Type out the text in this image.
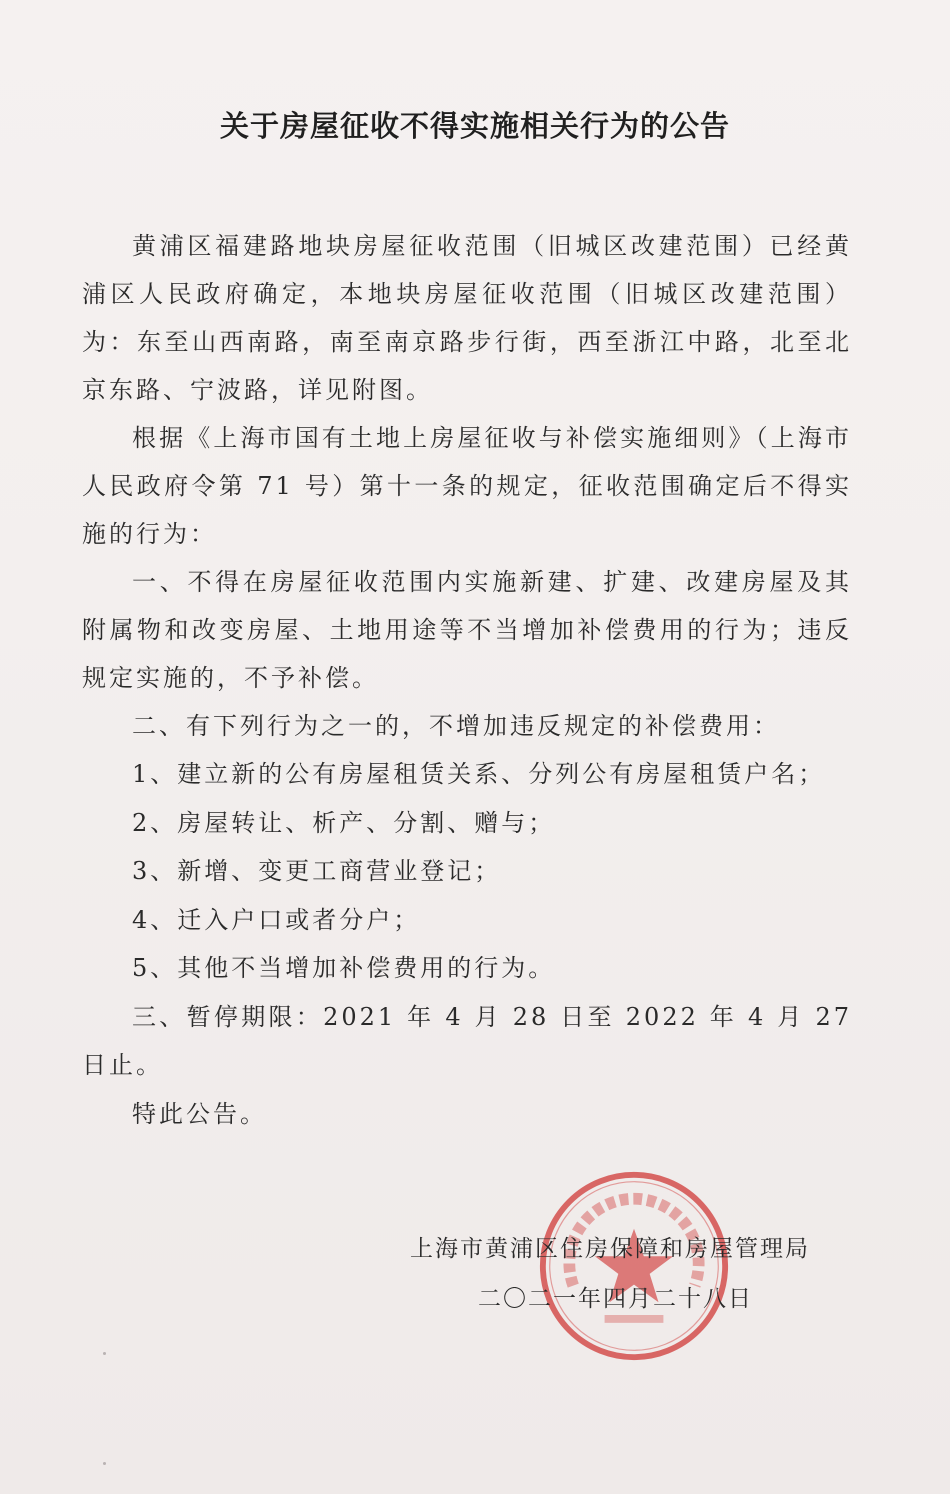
关于房屋征收不得实施相关行为的公告

黄浦区福建路地块房屋征收范围（旧城区改建范围）已经黄浦区人民政府确定，本地块房屋征收范围（旧城区改建范围）为：东至山西南路，南至南京路步行街，西至浙江中路，北至北京东路、宁波路，详见附图。

根据《上海市国有土地上房屋征收与补偿实施细则》（上海市人民政府令第 71 号）第十一条的规定，征收范围确定后不得实施的行为：

一、不得在房屋征收范围内实施新建、扩建、改建房屋及其附属物和改变房屋、土地用途等不当增加补偿费用的行为；违反规定实施的，不予补偿。

二、有下列行为之一的，不增加违反规定的补偿费用：

1、建立新的公有房屋租赁关系、分列公有房屋租赁户名；

2、房屋转让、析产、分割、赠与；

3、新增、变更工商营业登记；

4、迁入户口或者分户；

5、其他不当增加补偿费用的行为。

三、暂停期限：2021 年 4 月 28 日至 2022 年 4 月 27 日止。

特此公告。

上海市黄浦区住房保障和房屋管理局
二〇二一年四月二十八日
